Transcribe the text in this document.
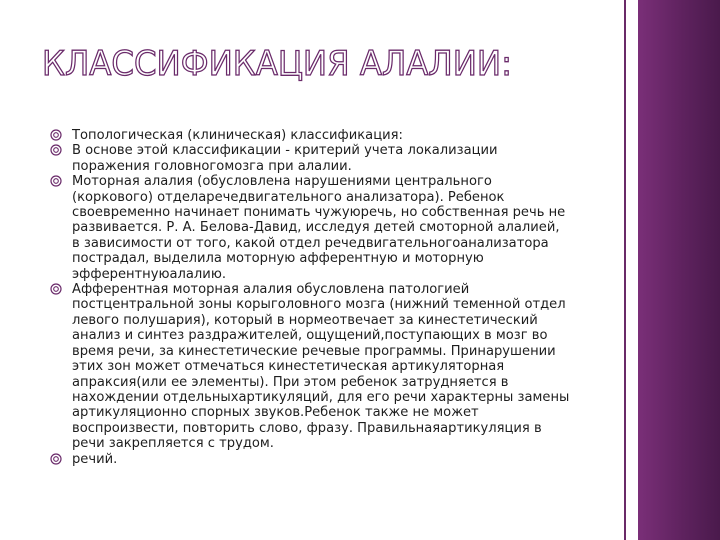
КЛАССИФИКАЦИЯ АЛАЛИИ:
Топологическая (клиническая) классификация:
В основе этой классификации - критерий учета локализации
поражения головногомозга при алалии.
Моторная алалия (обусловлена нарушениями центрального
(коркового) отделаречедвигательного анализатора). Ребенок
своевременно начинает понимать чужуюречь, но собственная речь не
развивается. Р. А. Белова-Давид, исследуя детей смоторной алалией,
в зависимости от того, какой отдел речедвигательногоанализатора
пострадал, выделила моторную афферентную и моторную
эфферентнуюалалию.
Афферентная моторная алалия обусловлена патологией
постцентральной зоны корыголовного мозга (нижний теменной отдел
левого полушария), который в нормеотвечает за кинестетический
анализ и синтез раздражителей, ощущений,поступающих в мозг во
время речи, за кинестетические речевые программы. Принарушении
этих зон может отмечаться кинестетическая артикуляторная
апраксия(или ее элементы). При этом ребенок затрудняется в
нахождении отдельныхартикуляций, для его речи характерны замены
артикуляционно спорных звуков.Ребенок также не может
воспроизвести, повторить слово, фразу. Правильнаяартикуляция в
речи закрепляется с трудом.
речий.
